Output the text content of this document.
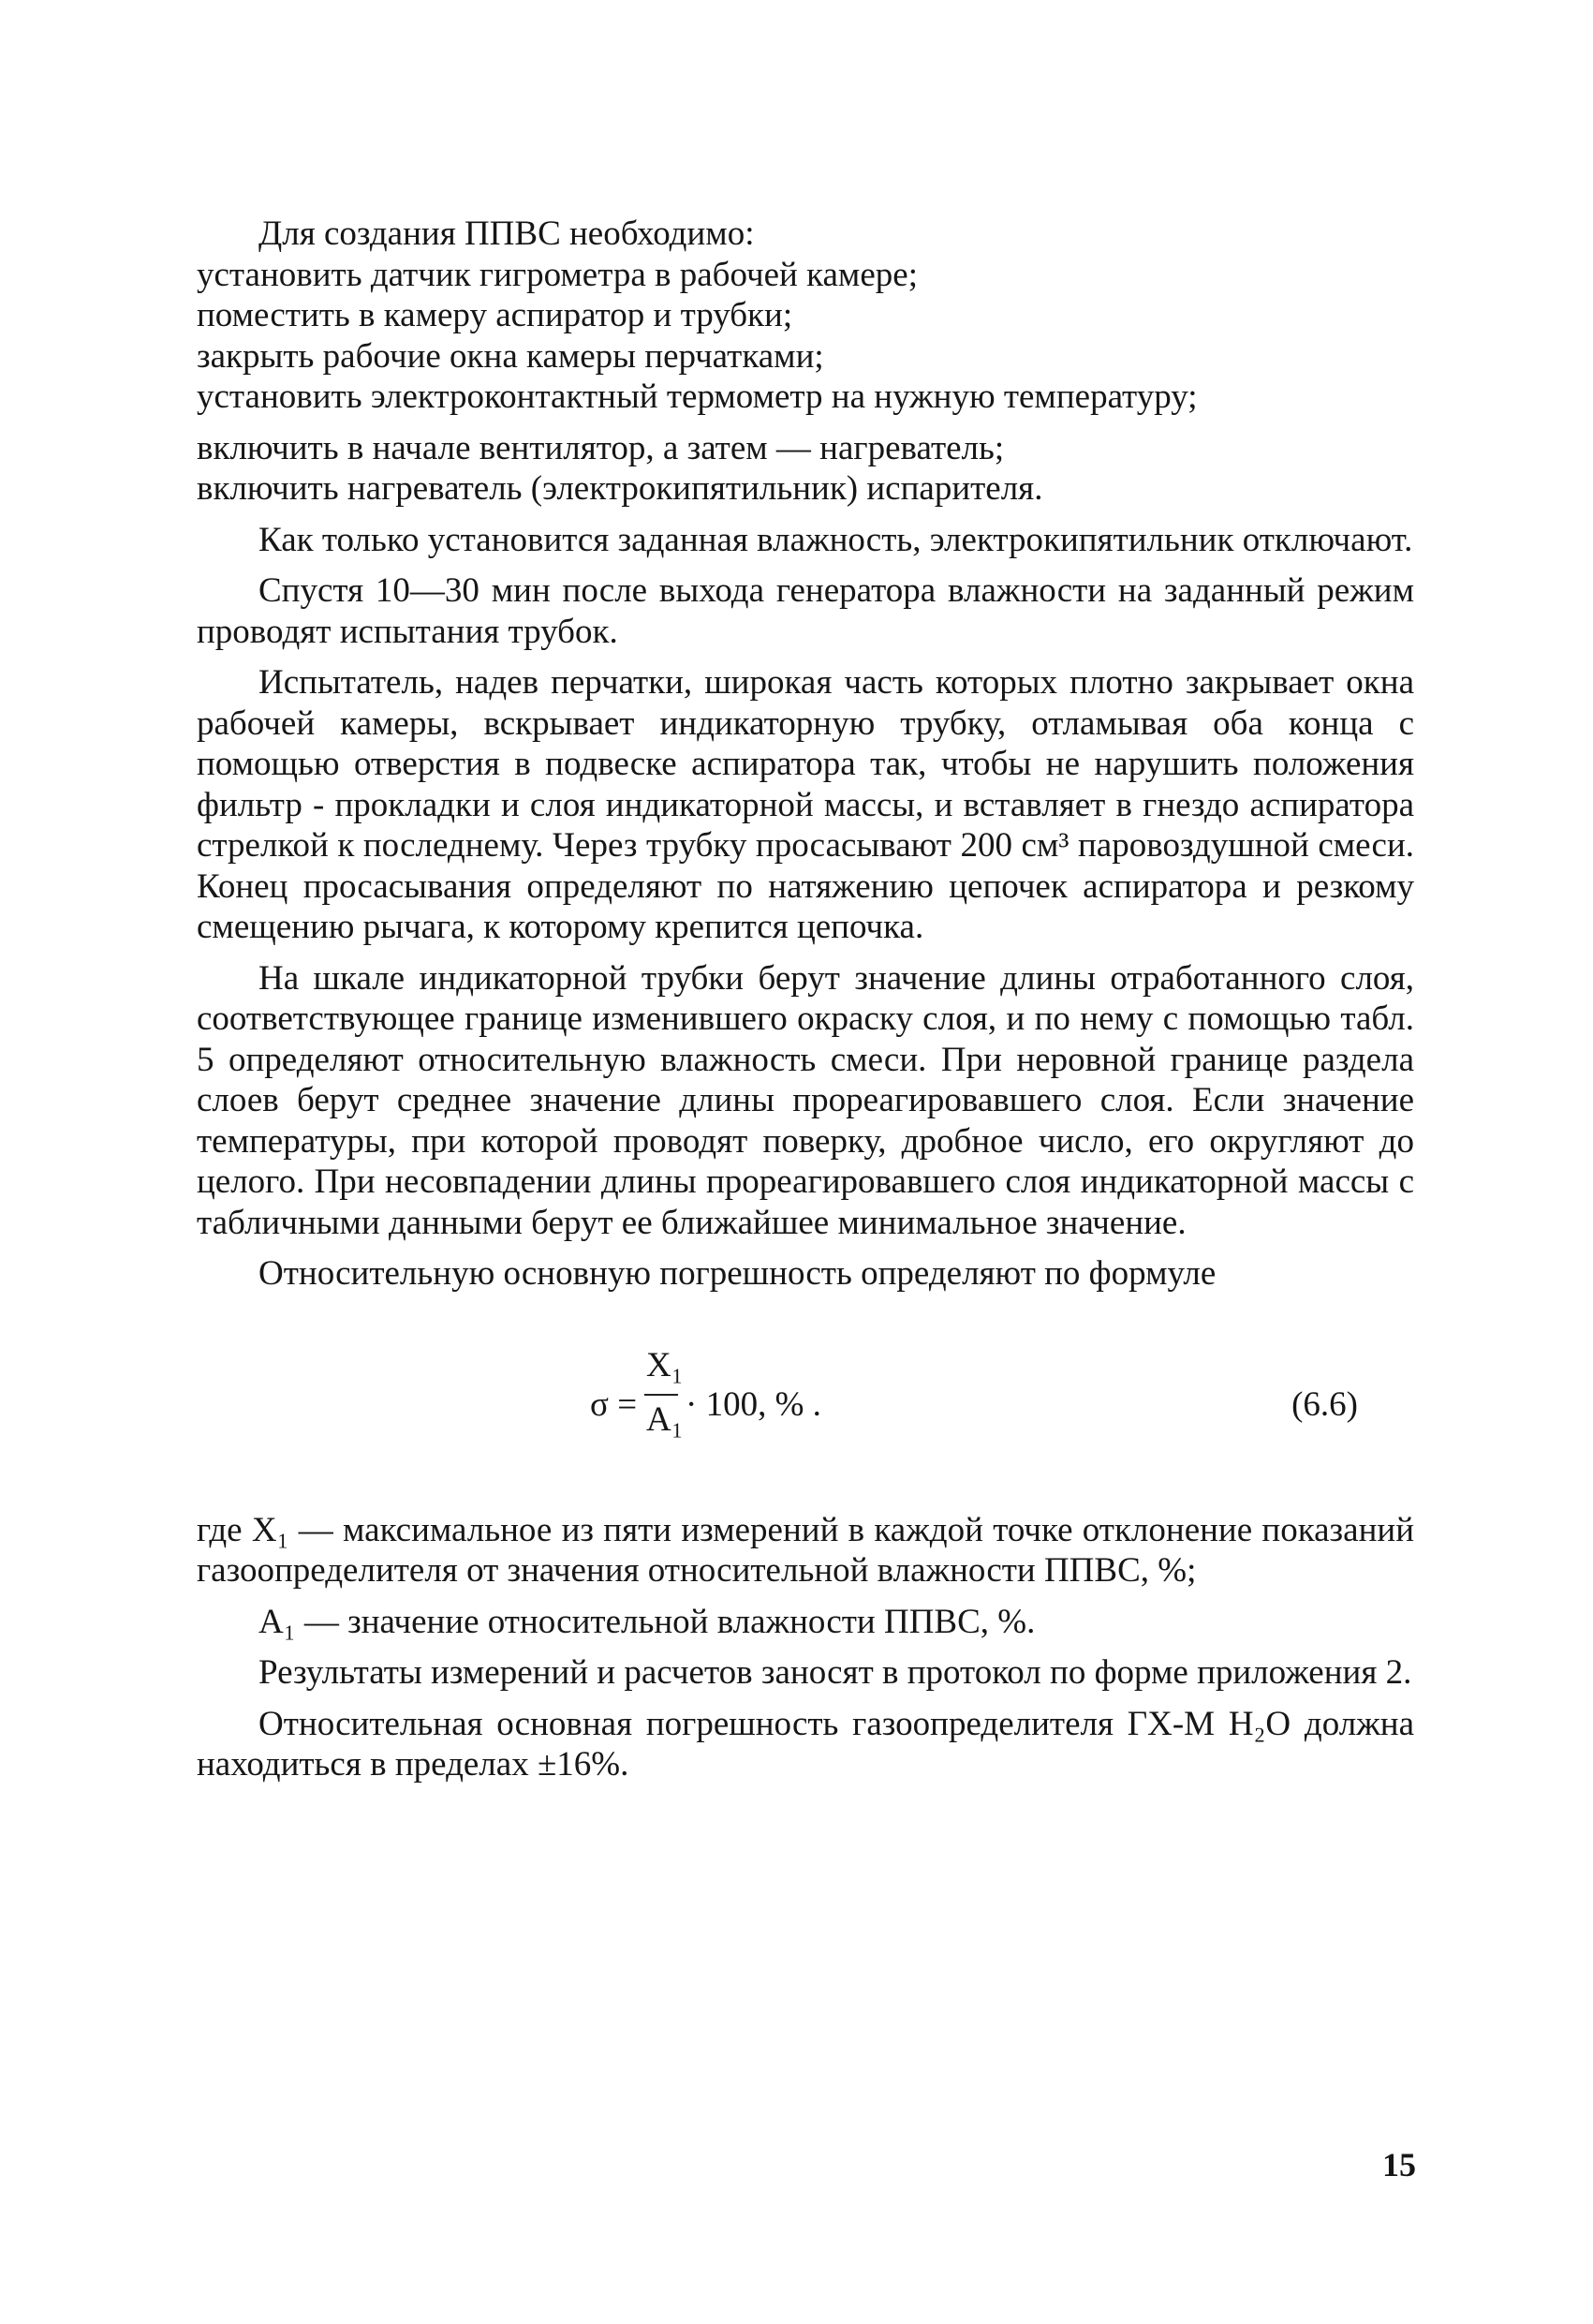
Для создания ППВС необходимо:

установить датчик гигрометра в рабочей камере;

поместить в камеру аспиратор и трубки;

закрыть рабочие окна камеры перчатками;

установить электроконтактный термометр на нужную температуру;

включить в начале вентилятор, а затем — нагреватель;

включить нагреватель (электрокипятильник) испарителя.

Как только установится заданная влажность, электрокипятильник отключают.

Спустя 10—30 мин после выхода генератора влажности на заданный режим проводят испытания трубок.

Испытатель, надев перчатки, широкая часть которых плотно закрывает окна рабочей камеры, вскрывает индикаторную трубку, отламывая оба конца с помощью отверстия в подвеске аспиратора так, чтобы не нарушить положения фильтр - прокладки и слоя индикаторной массы, и вставляет в гнездо аспиратора стрелкой к последнему. Через трубку просасывают 200 см³ паровоздушной смеси. Конец просасывания определяют по натяжению цепочек аспиратора и резкому смещению рычага, к которому крепится цепочка.

На шкале индикаторной трубки берут значение длины отработанного слоя, соответствующее границе изменившего окраску слоя, и по нему с помощью табл. 5 определяют относительную влажность смеси. При неровной границе раздела слоев берут среднее значение длины прореагировавшего слоя. Если значение температуры, при которой проводят поверку, дробное число, его округляют до целого. При несовпадении длины прореагировавшего слоя индикаторной массы с табличными данными берут ее ближайшее минимальное значение.

Относительную основную погрешность определяют по формуле

σ =
X₁
A₁ · 100, % .	(6.6)

где X₁ — максимальное из пяти измерений в каждой точке отклонение показаний газоопределителя от значения относительной влажности ППВС, %;

A₁ — значение относительной влажности ППВС, %.

Результаты измерений и расчетов заносят в протокол по форме приложения 2.

Относительная основная погрешность газоопределителя ГХ-М H₂O должна находиться в пределах ±16%.

15
